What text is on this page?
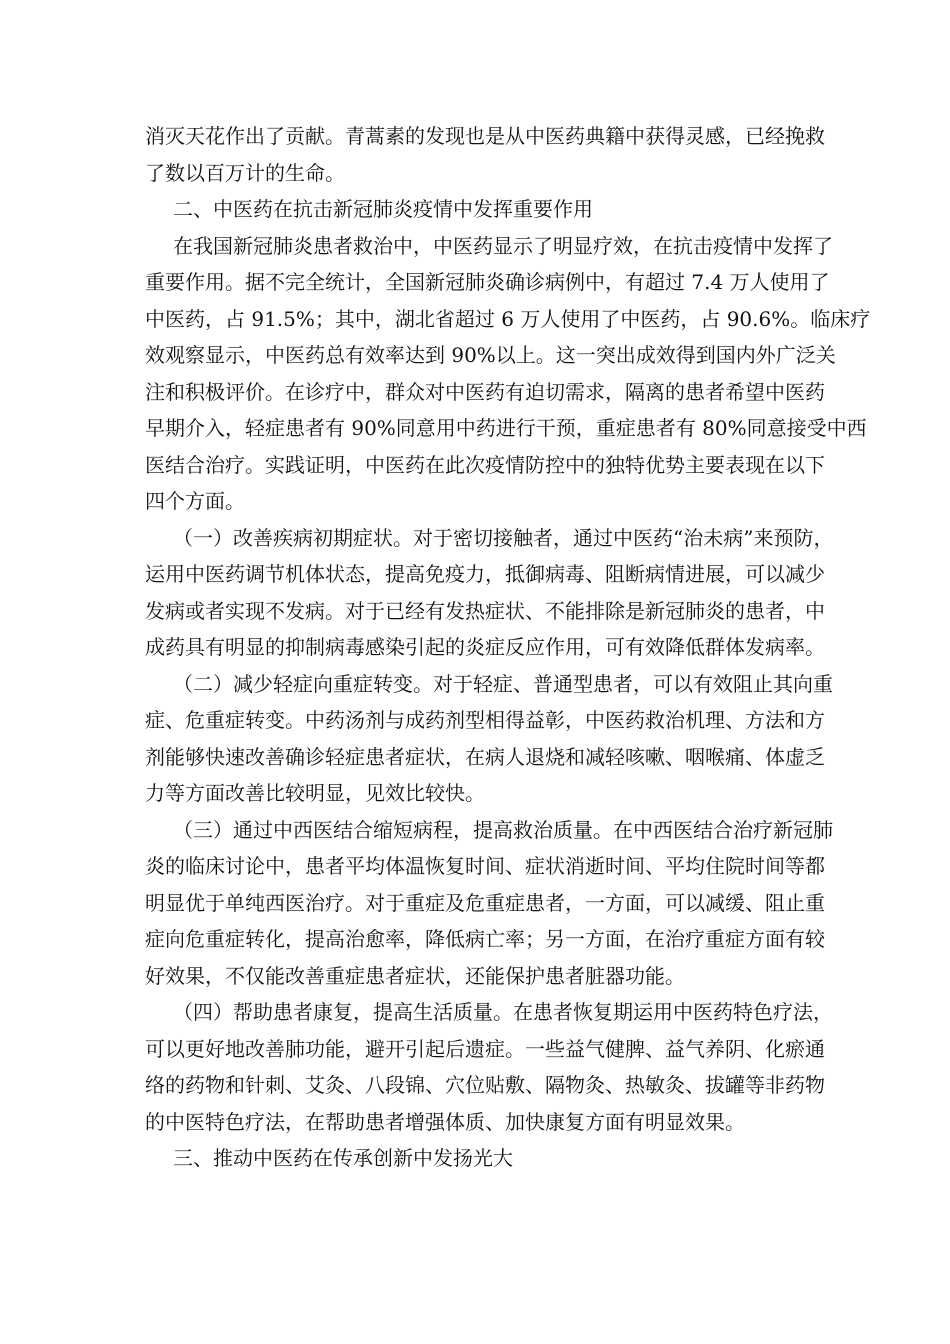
消灭天花作出了贡献。青蒿素的发现也是从中医药典籍中获得灵感，已经挽救
了数以百万计的生命。
二、中医药在抗击新冠肺炎疫情中发挥重要作用
在我国新冠肺炎患者救治中，中医药显示了明显疗效，在抗击疫情中发挥了
重要作用。据不完全统计，全国新冠肺炎确诊病例中，有超过 7.4 万人使用了
中医药，占 91.5%；其中，湖北省超过 6 万人使用了中医药，占 90.6%。临床疗
效观察显示，中医药总有效率达到 90%以上。这一突出成效得到国内外广泛关
注和积极评价。在诊疗中，群众对中医药有迫切需求，隔离的患者希望中医药
早期介入，轻症患者有 90%同意用中药进行干预，重症患者有 80%同意接受中西
医结合治疗。实践证明，中医药在此次疫情防控中的独特优势主要表现在以下
四个方面。
（一）改善疾病初期症状。对于密切接触者，通过中医药“治未病”来预防，
运用中医药调节机体状态，提高免疫力，抵御病毒、阻断病情进展，可以减少
发病或者实现不发病。对于已经有发热症状、不能排除是新冠肺炎的患者，中
成药具有明显的抑制病毒感染引起的炎症反应作用，可有效降低群体发病率。
（二）减少轻症向重症转变。对于轻症、普通型患者，可以有效阻止其向重
症、危重症转变。中药汤剂与成药剂型相得益彰，中医药救治机理、方法和方
剂能够快速改善确诊轻症患者症状，在病人退烧和减轻咳嗽、咽喉痛、体虚乏
力等方面改善比较明显，见效比较快。
（三）通过中西医结合缩短病程，提高救治质量。在中西医结合治疗新冠肺
炎的临床讨论中，患者平均体温恢复时间、症状消逝时间、平均住院时间等都
明显优于单纯西医治疗。对于重症及危重症患者，一方面，可以减缓、阻止重
症向危重症转化，提高治愈率，降低病亡率；另一方面，在治疗重症方面有较
好效果，不仅能改善重症患者症状，还能保护患者脏器功能。
（四）帮助患者康复，提高生活质量。在患者恢复期运用中医药特色疗法，
可以更好地改善肺功能，避开引起后遗症。一些益气健脾、益气养阴、化瘀通
络的药物和针刺、艾灸、八段锦、穴位贴敷、隔物灸、热敏灸、拔罐等非药物
的中医特色疗法，在帮助患者增强体质、加快康复方面有明显效果。
三、推动中医药在传承创新中发扬光大
